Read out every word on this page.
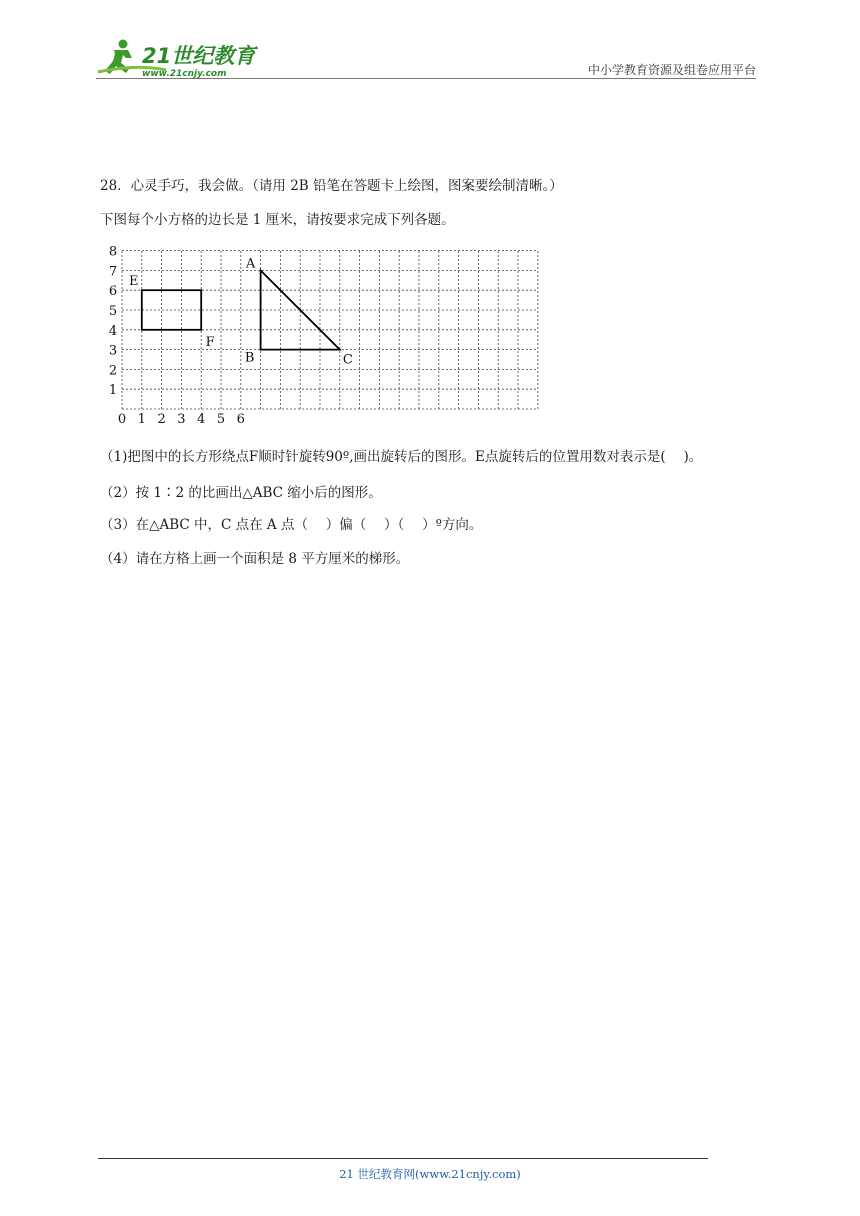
21世纪教育
www.21cnjy.com	中小学教育资源及组卷应用平台
28．心灵手巧，我会做。（请用 2B 铅笔在答题卡上绘图，图案要绘制清晰。）
下图每个小方格的边长是 1 厘米，请按要求完成下列各题。
1
2
3
4
5
6
7
8
0 1 2 3 4 5 6
E
F
A
B	C
（1)把图中的长方形绕点F顺时针旋转90º,画出旋转后的图形。E点旋转后的位置用数对表示是(　 )。
（2）按 1∶2 的比画出△ABC 缩小后的图形。
（3）在△ABC 中，C 点在 A 点（　 ）偏（　 ）（　 ）º方向。
（4）请在方格上画一个面积是 8 平方厘米的梯形。
21 世纪教育网(www.21cnjy.com)
